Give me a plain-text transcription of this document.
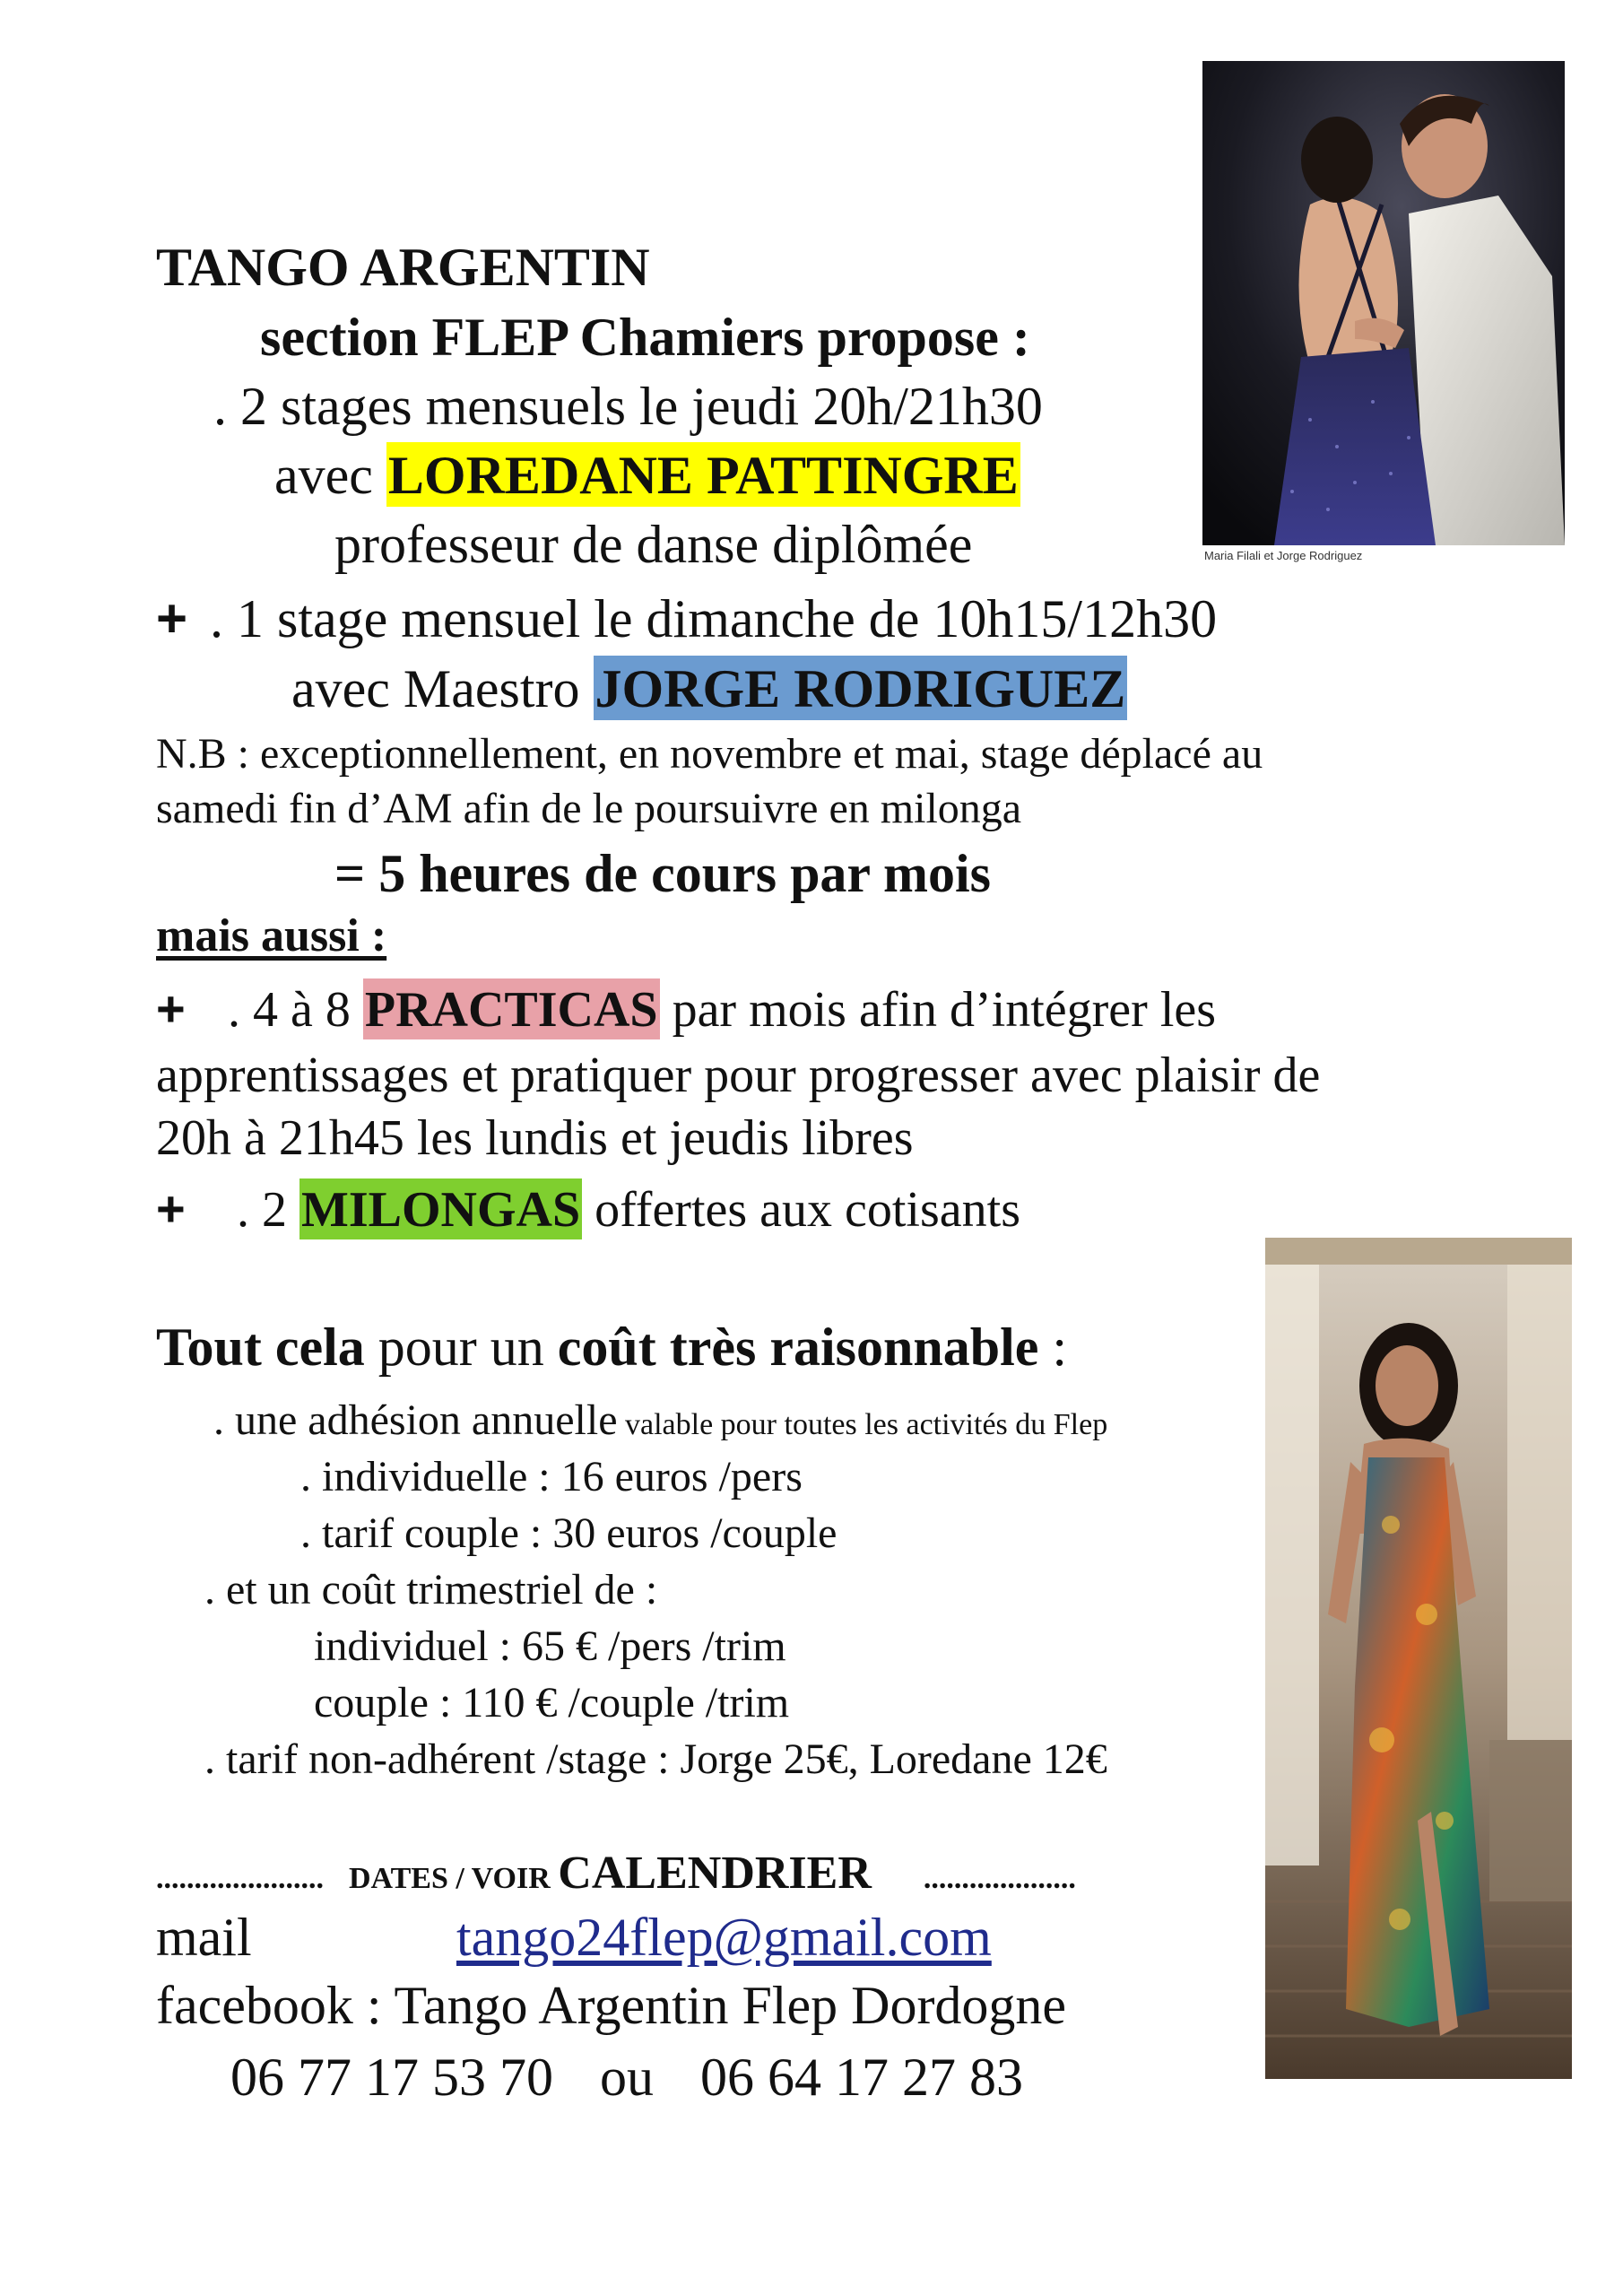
Maria Filali et Jorge Rodriguez
TANGO ARGENTIN
section FLEP Chamiers propose :
. 2 stages mensuels le jeudi 20h/21h30
avec LOREDANE PATTINGRE
professeur de danse diplômée
+ . 1 stage mensuel le dimanche de 10h15/12h30
avec Maestro JORGE RODRIGUEZ
N.B : exceptionnellement, en novembre et mai, stage déplacé au
samedi fin d’AM afin de le poursuivre en milonga
= 5 heures de cours par mois
mais aussi :
+ . 4 à 8 PRACTICAS par mois afin d’intégrer les
apprentissages et pratiquer pour progresser avec plaisir de
20h à 21h45 les lundis et jeudis libres
+ . 2 MILONGAS offertes aux cotisants
Tout cela pour un coût très raisonnable :
. une adhésion annuelle valable pour toutes les activités du Flep
. individuelle : 16 euros /pers
. tarif couple : 30 euros /couple
. et un coût trimestriel de :
individuel : 65 € /pers /trim
couple : 110 € /couple /trim
. tarif non-adhérent /stage : Jorge 25€, Loredane 12€
...................... DATES / VOIR CALENDRIER ....................
mail	tango24flep@gmail.com
facebook : Tango Argentin Flep Dordogne
06 77 17 53 70 ou 06 64 17 27 83
